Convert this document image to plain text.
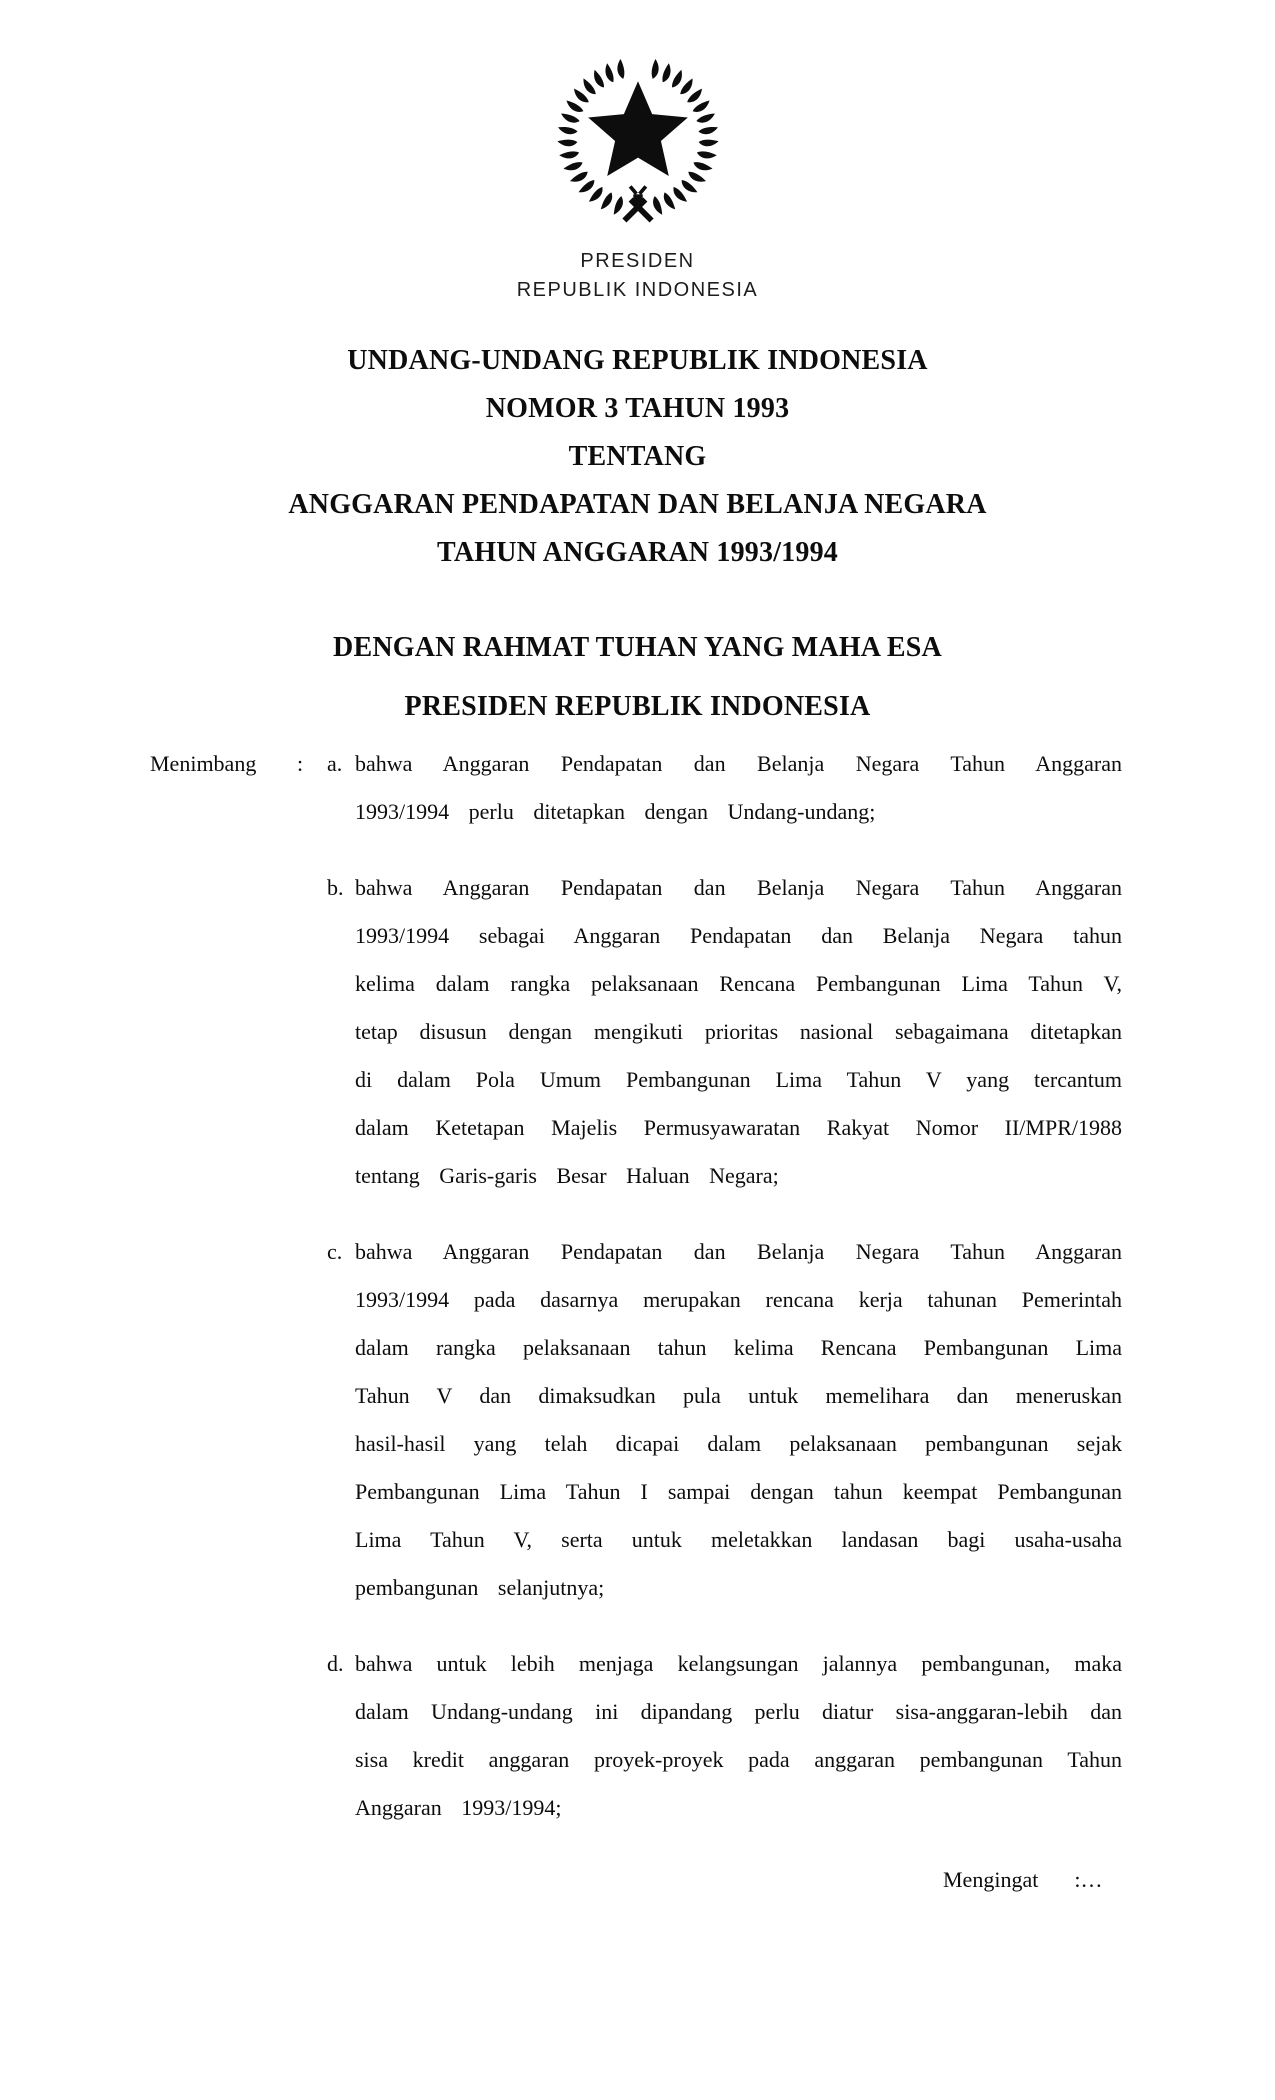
PRESIDEN
REPUBLIK INDONESIA
UNDANG-UNDANG REPUBLIK INDONESIA
NOMOR 3 TAHUN 1993
TENTANG
ANGGARAN PENDAPATAN DAN BELANJA NEGARA
TAHUN ANGGARAN 1993/1994
DENGAN RAHMAT TUHAN YANG MAHA ESA
PRESIDEN REPUBLIK INDONESIA
Menimbang	:	a. bahwa Anggaran Pendapatan dan Belanja Negara Tahun Anggaran 1993/1994 perlu ditetapkan dengan Undang-undang;
b. bahwa Anggaran Pendapatan dan Belanja Negara Tahun Anggaran 1993/1994 sebagai Anggaran Pendapatan dan Belanja Negara tahun kelima dalam rangka pelaksanaan Rencana Pembangunan Lima Tahun V, tetap disusun dengan mengikuti prioritas nasional sebagaimana ditetapkan di dalam Pola Umum Pembangunan Lima Tahun V yang tercantum dalam Ketetapan Majelis Permusyawaratan Rakyat Nomor II/MPR/1988 tentang Garis-garis Besar Haluan Negara;
c. bahwa Anggaran Pendapatan dan Belanja Negara Tahun Anggaran 1993/1994 pada dasarnya merupakan rencana kerja tahunan Pemerintah dalam rangka pelaksanaan tahun kelima Rencana Pembangunan Lima Tahun V dan dimaksudkan pula untuk memelihara dan meneruskan hasil-hasil yang telah dicapai dalam pelaksanaan pembangunan sejak Pembangunan Lima Tahun I sampai dengan tahun keempat Pembangunan Lima Tahun V, serta untuk meletakkan landasan bagi usaha-usaha pembangunan selanjutnya;
d. bahwa untuk lebih menjaga kelangsungan jalannya pembangunan, maka dalam Undang-undang ini dipandang perlu diatur sisa-anggaran-lebih dan sisa kredit anggaran proyek-proyek pada anggaran pembangunan Tahun Anggaran 1993/1994;
Mengingat :…
